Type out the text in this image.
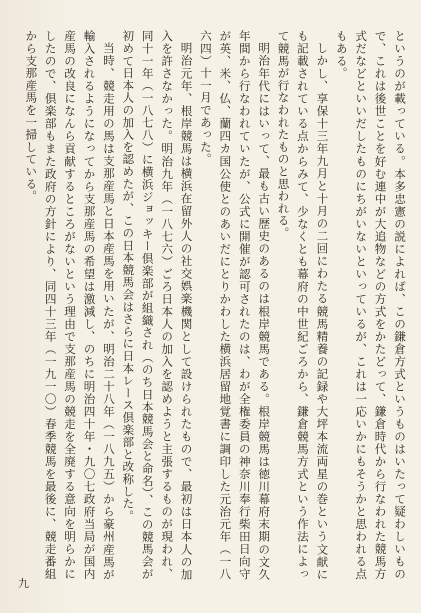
というのが載っている。本多忠憲の説によれば、この鎌倉方式というものはいたって疑わしいもので、これは後世ことを好む連中が大追物などの方式をかたどって、鎌倉時代から行なわれた競馬方式だなどといいだしたものにちがいないといっているが、これは一応いかにもそうかと思われる点もある。

しかし、享保十三年九月と十月の二回にわたる競馬精養の記録や大坪本流両星の巻という文献にも記載されている点からみて、少なくとも幕府の中世紀ごろから、鎌倉競馬方式という作法によって競馬が行なわれたものと思われる。

明治年代にはいって、最も古い歴史のあるのは根岸競馬である。根岸競馬は徳川幕府末期の文久年間から行なわれていたが、公式に開催が認可されたのは、わが全権委員の神奈川奉行柴田日向守が英、米、仏、蘭四カ国公使とのあいだにとりかわした横浜居留地覚書に調印した元治元年（一八六四）十一月であった。

明治元年、根岸競馬は横浜在留外人の社交娯楽機関として設けられたもので、最初は日本人の加入を許さなかった。明治九年（一八七六）ごろ日本人の加入を認めようと主張するものが現われ、同十一年（一八七八）に横浜ジョッキー倶楽部が組織され（のち日本競馬会と命名）、この競馬会が初めて日本人の加入を認めたが、この日本競馬会はさらに日本レース倶楽部と改称した。

当時、競走用の馬は支那産馬と日本産馬を用いたが、明治二十八年（一八九五）から豪州産馬が輸入されるようになってから支那産馬の希望は激減し、のちに明治四十年・九〇七政府当局が国内産馬の改良になんら貢献するところがないという理由で支那産馬の競走を全廃する意向を明らかにしたので、倶楽部もまた政府の方針により、同四十三年（一九一〇）春季競馬を最後に、競走番組から支那産馬を一掃している。

九
